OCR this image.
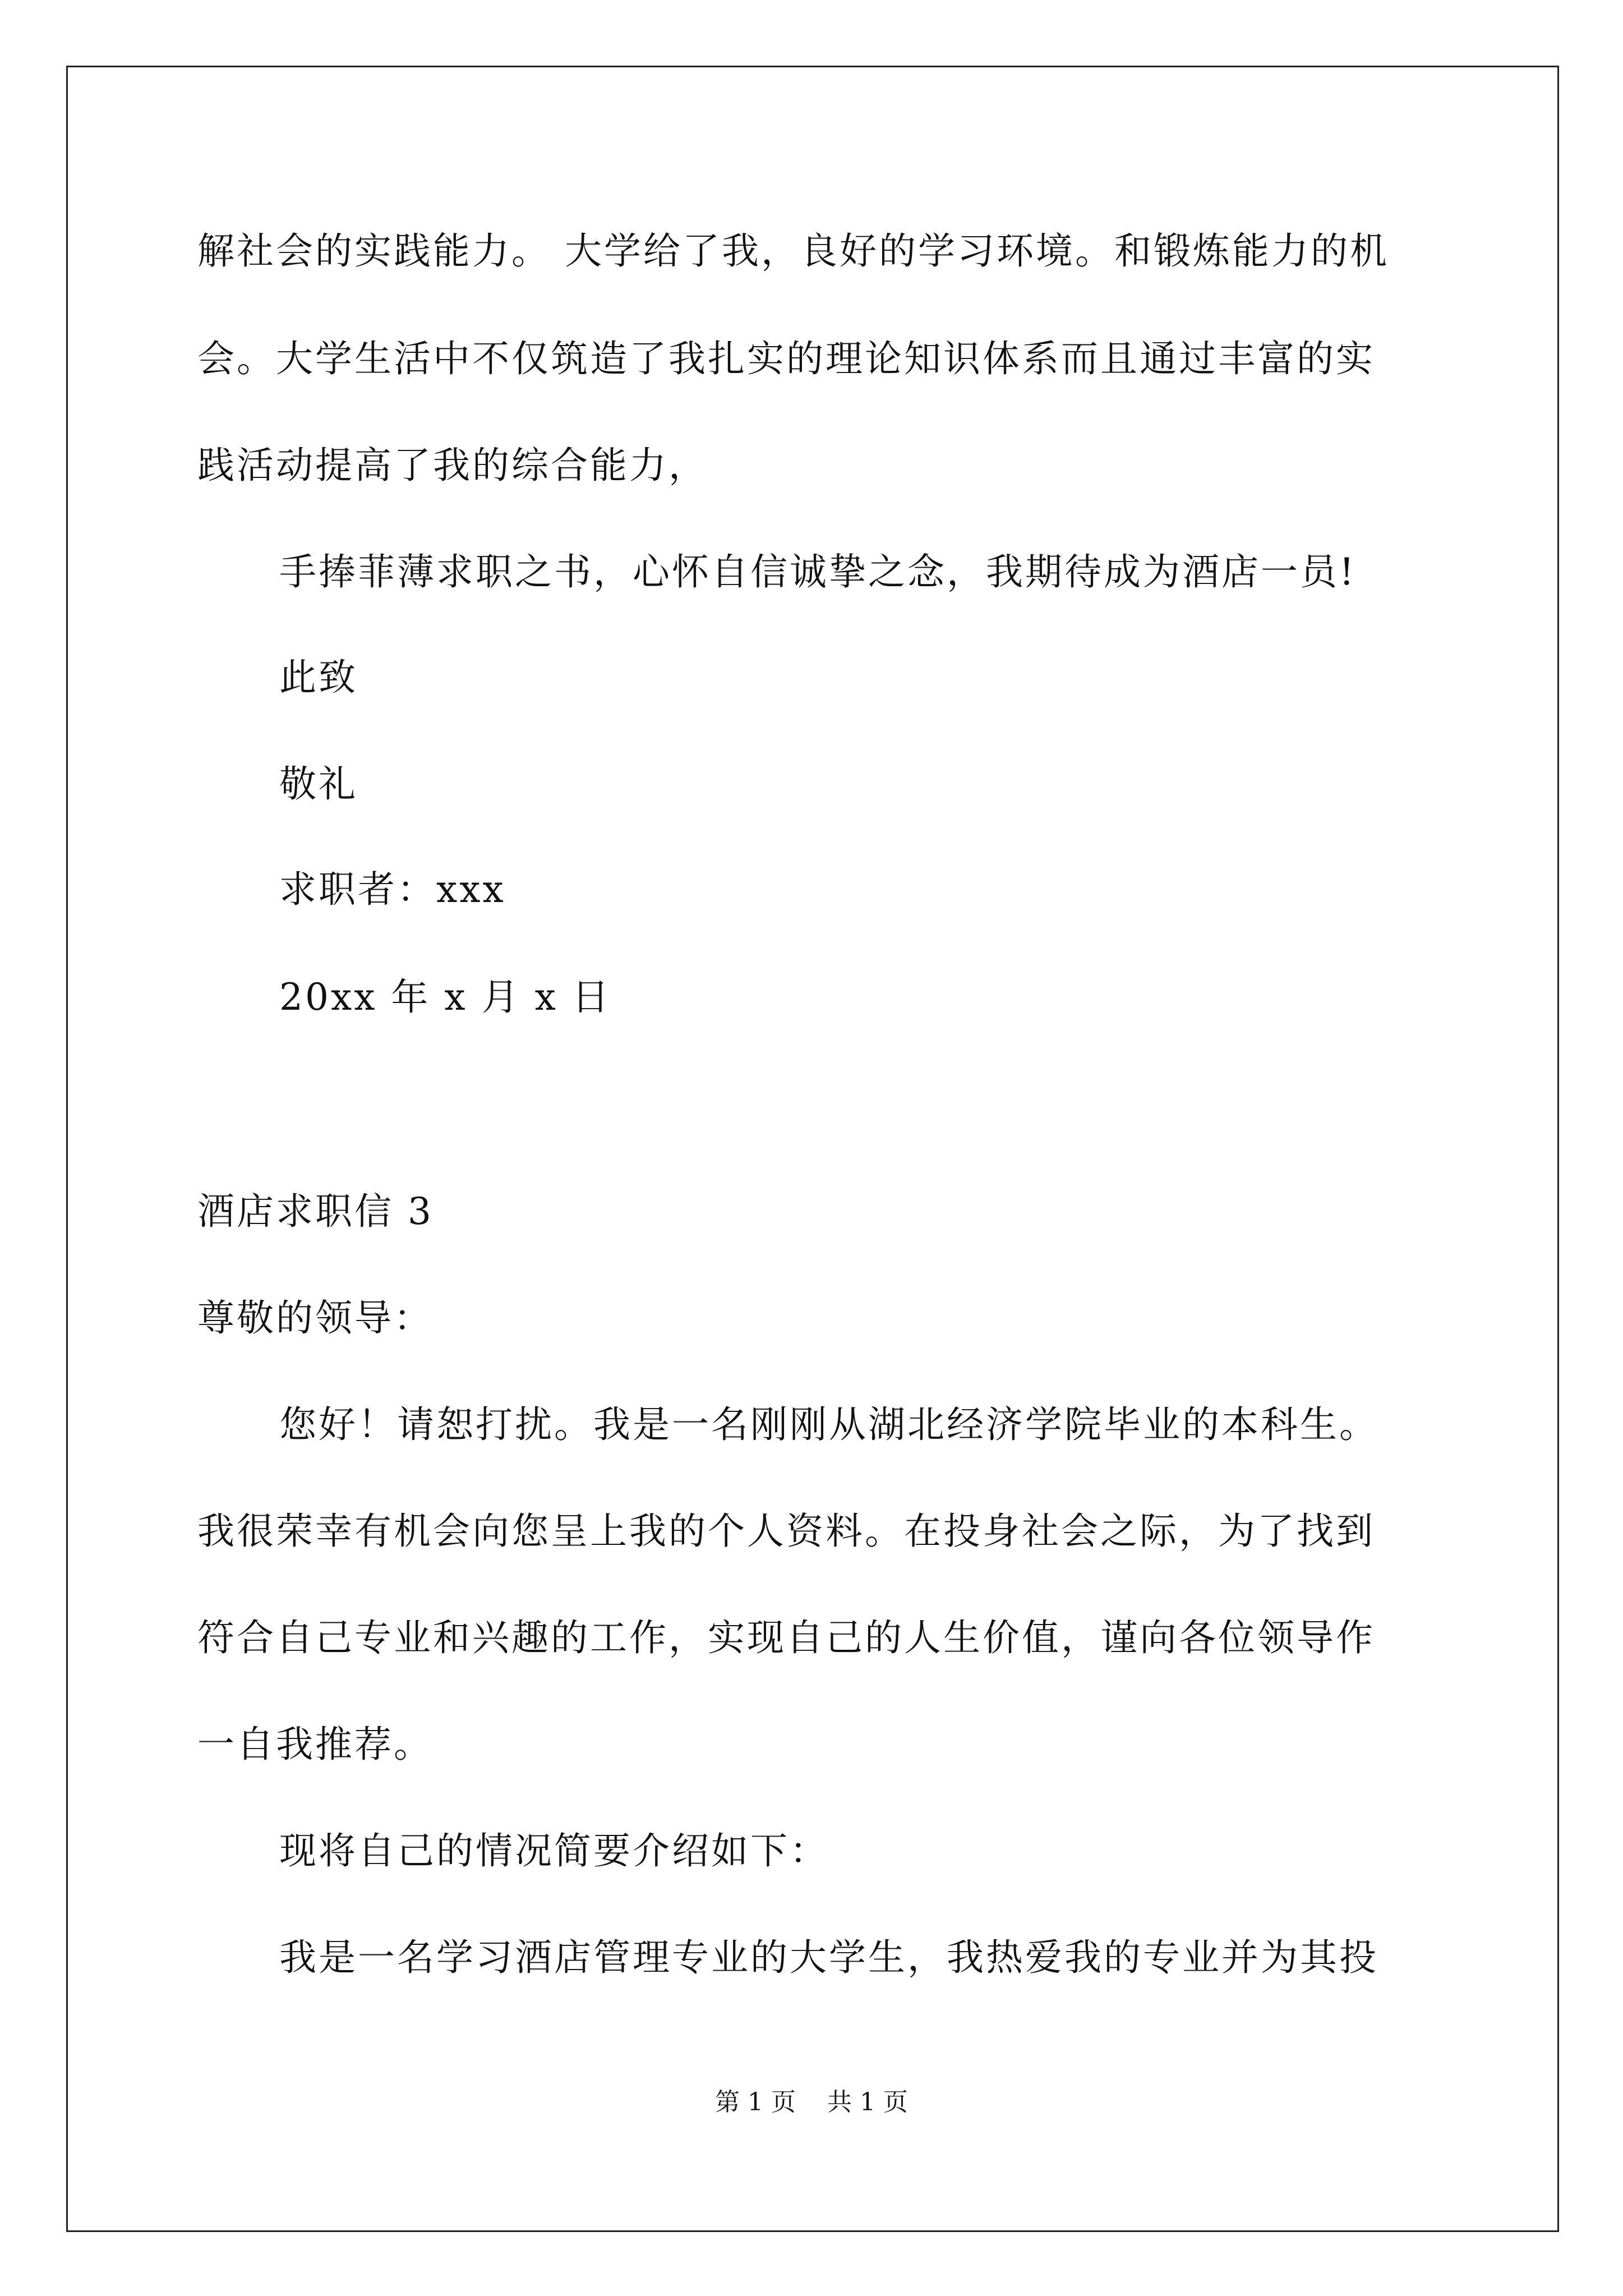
解社会的实践能力。 大学给了我，良好的学习环境。和锻炼能力的机
会。大学生活中不仅筑造了我扎实的理论知识体系而且通过丰富的实
践活动提高了我的综合能力，
手捧菲薄求职之书，心怀自信诚挚之念，我期待成为酒店一员!
此致
敬礼
求职者：xxx
20xx 年 x 月 x 日
酒店求职信 3
尊敬的领导：
您好！请恕打扰。我是一名刚刚从湖北经济学院毕业的本科生。
我很荣幸有机会向您呈上我的个人资料。在投身社会之际，为了找到
符合自己专业和兴趣的工作，实现自己的人生价值，谨向各位领导作
一自我推荐。
现将自己的情况简要介绍如下：
我是一名学习酒店管理专业的大学生，我热爱我的专业并为其投
第 1 页    共 1 页
